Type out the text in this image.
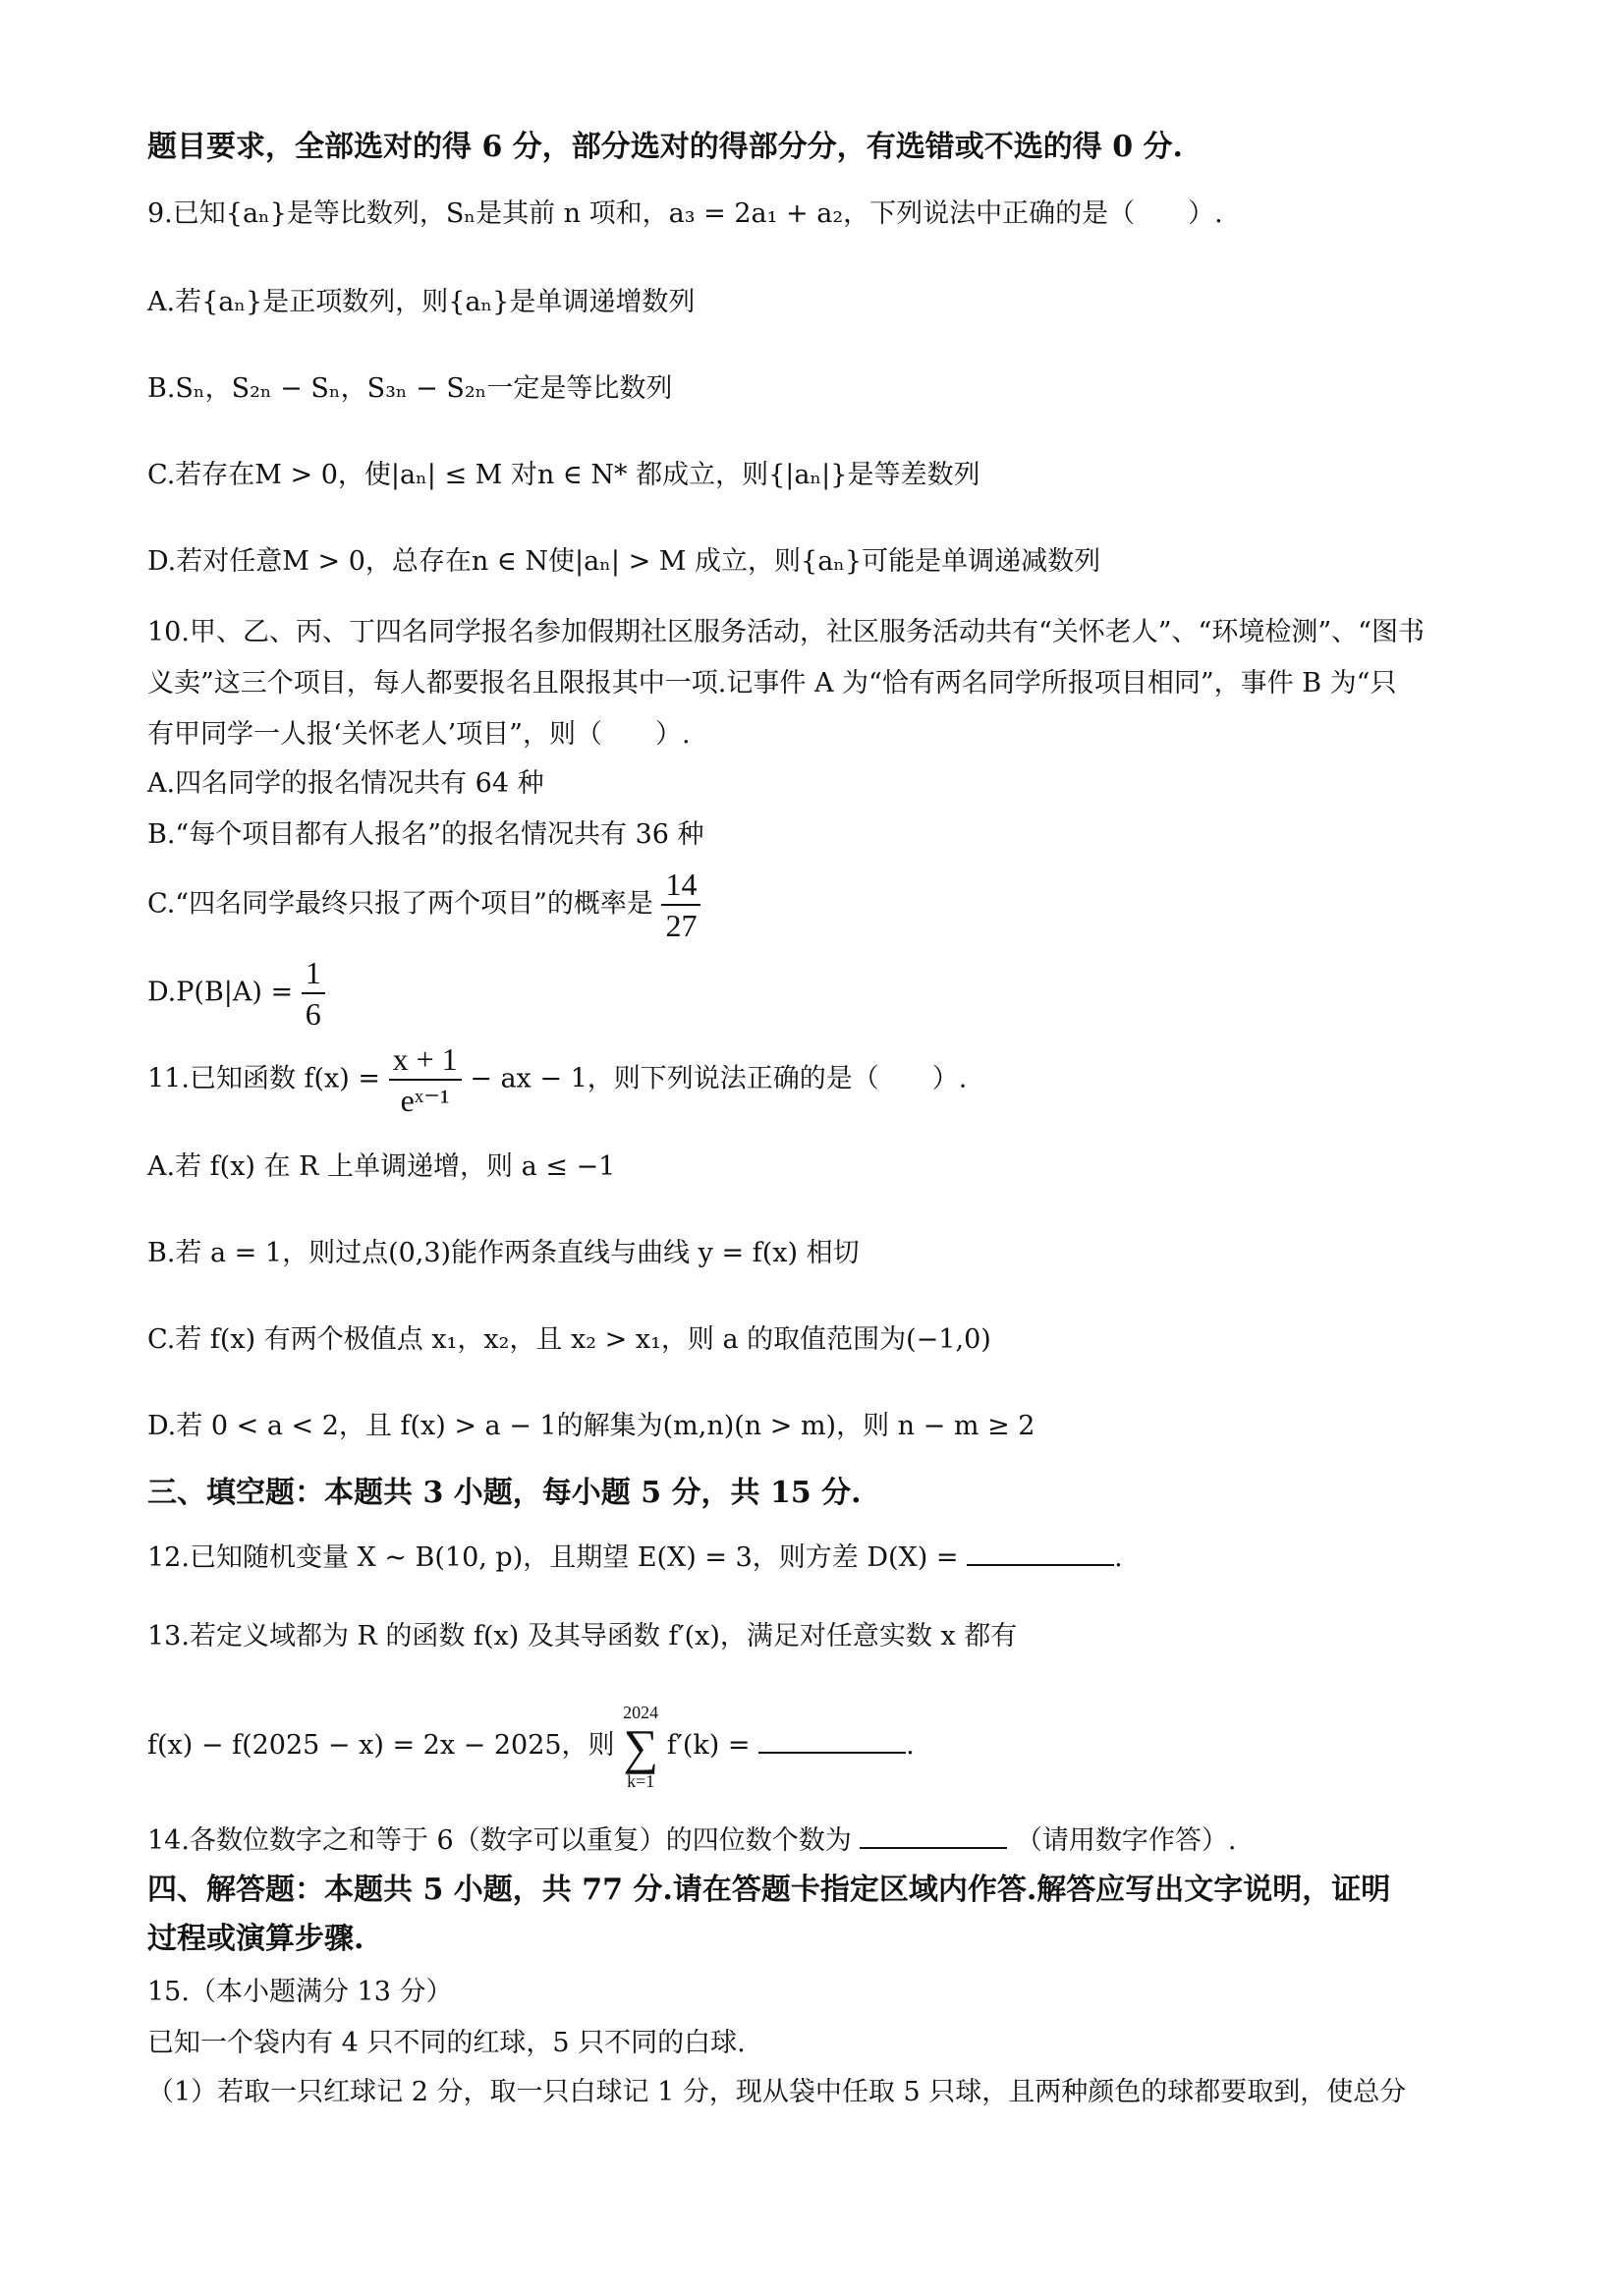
题目要求，全部选对的得 6 分，部分选对的得部分分，有选错或不选的得 0 分.
9.已知{aₙ}是等比数列，Sₙ是其前 n 项和，a₃ = 2a₁ + a₂，下列说法中正确的是（　　）.
A.若{aₙ}是正项数列，则{aₙ}是单调递增数列
B.Sₙ，S₂ₙ − Sₙ，S₃ₙ − S₂ₙ一定是等比数列
C.若存在M > 0，使|aₙ| ≤ M 对n ∈ N* 都成立，则{|aₙ|}是等差数列
D.若对任意M > 0，总存在n ∈ N使|aₙ| > M 成立，则{aₙ}可能是单调递减数列
10.甲、乙、丙、丁四名同学报名参加假期社区服务活动，社区服务活动共有“关怀老人”、“环境检测”、“图书
义卖”这三个项目，每人都要报名且限报其中一项.记事件 A 为“恰有两名同学所报项目相同”，事件 B 为“只
有甲同学一人报‘关怀老人’项目”，则（　　）.
A.四名同学的报名情况共有 64 种
B.“每个项目都有人报名”的报名情况共有 36 种
C.“四名同学最终只报了两个项目”的概率是 $\frac{14}{27}$
$D.P(B|A) = \frac{1}{6}$
11.已知函数 $f(x) = \frac{x + 1}{\text{eˣ⁻¹}}$ − ax − 1，则下列说法正确的是（　　）.
A.若 f(x) 在 R 上单调递增，则 a ≤ −1
B.若 a = 1，则过点(0,3)能作两条直线与曲线 y = f(x) 相切
C.若 f(x) 有两个极值点 x₁，x₂，且 x₂ > x₁，则 a 的取值范围为(−1,0)
D.若 0 < a < 2，且 f(x) > a − 1的解集为(m,n)(n > m)，则 n − m ≥ 2
三、填空题：本题共 3 小题，每小题 5 分，共 15 分.
12.已知随机变量 X ~ B(10, p)，且期望 E(X) = 3，则方差 D(X) =	.
13.若定义域都为 R 的函数 f(x) 及其导函数 f′(x)，满足对任意实数 x 都有
f(x) − f(2025 − x) = 2x − 2025，则
2024
∑
k=1
f′(k) =	.
14.各数位数字之和等于 6（数字可以重复）的四位数个数为	（请用数字作答）.
四、解答题：本题共 5 小题，共 77 分.请在答题卡指定区域内作答.解答应写出文字说明，证明
过程或演算步骤.
15.（本小题满分 13 分）
已知一个袋内有 4 只不同的红球，5 只不同的白球.
（1）若取一只红球记 2 分，取一只白球记 1 分，现从袋中任取 5 只球，且两种颜色的球都要取到，使总分
